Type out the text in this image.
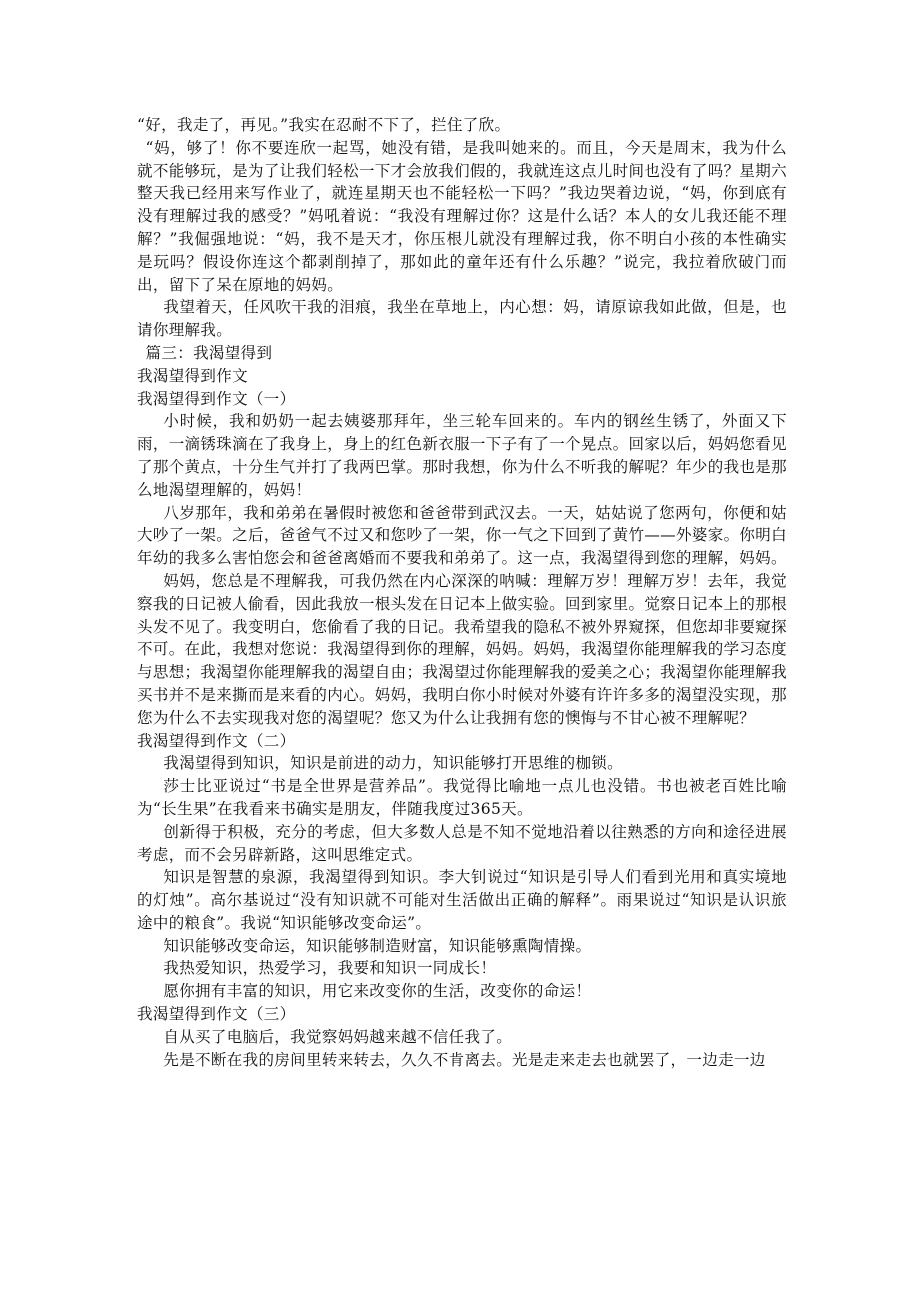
“好，我走了，再见。”我实在忍耐不下了，拦住了欣。

“妈，够了！你不要连欣一起骂，她没有错，是我叫她来的。而且，今天是周末，我为什么就不能够玩，是为了让我们轻松一下才会放我们假的，我就连这点儿时间也没有了吗？星期六整天我已经用来写作业了，就连星期天也不能轻松一下吗？”我边哭着边说，“妈，你到底有没有理解过我的感受？”妈吼着说：“我没有理解过你？这是什么话？本人的女儿我还能不理解？”我倔强地说：“妈，我不是天才，你压根儿就没有理解过我，你不明白小孩的本性确实是玩吗？假设你连这个都剥削掉了，那如此的童年还有什么乐趣？”说完，我拉着欣破门而出，留下了呆在原地的妈妈。

我望着天，任风吹干我的泪痕，我坐在草地上，内心想：妈，请原谅我如此做，但是，也请你理解我。

篇三：我渴望得到

我渴望得到作文

我渴望得到作文（一）

小时候，我和奶奶一起去姨婆那拜年，坐三轮车回来的。车内的钢丝生锈了，外面又下雨，一滴锈珠滴在了我身上，身上的红色新衣服一下子有了一个晃点。回家以后，妈妈您看见了那个黄点，十分生气并打了我两巴掌。那时我想，你为什么不听我的解呢？年少的我也是那么地渴望理解的，妈妈！

八岁那年，我和弟弟在暑假时被您和爸爸带到武汉去。一天，姑姑说了您两句，你便和姑大吵了一架。之后，爸爸气不过又和您吵了一架，你一气之下回到了黄竹——外婆家。你明白年幼的我多么害怕您会和爸爸离婚而不要我和弟弟了。这一点，我渴望得到您的理解，妈妈。

妈妈，您总是不理解我，可我仍然在内心深深的呐喊：理解万岁！理解万岁！去年，我觉察我的日记被人偷看，因此我放一根头发在日记本上做实验。回到家里。觉察日记本上的那根头发不见了。我变明白，您偷看了我的日记。我希望我的隐私不被外界窥探，但您却非要窥探不可。在此，我想对您说：我渴望得到你的理解，妈妈。妈妈，我渴望你能理解我的学习态度与思想；我渴望你能理解我的渴望自由；我渴望过你能理解我的爱美之心；我渴望你能理解我买书并不是来撕而是来看的内心。妈妈，我明白你小时候对外婆有许许多多的渴望没实现，那您为什么不去实现我对您的渴望呢？您又为什么让我拥有您的懊悔与不甘心被不理解呢？

我渴望得到作文（二）

我渴望得到知识，知识是前进的动力，知识能够打开思维的枷锁。

莎士比亚说过“书是全世界是营养品”。我觉得比喻地一点儿也没错。书也被老百姓比喻为“长生果”在我看来书确实是朋友，伴随我度过365天。

创新得于积极，充分的考虑，但大多数人总是不知不觉地沿着以往熟悉的方向和途径进展考虑，而不会另辟新路，这叫思维定式。

知识是智慧的泉源，我渴望得到知识。李大钊说过“知识是引导人们看到光用和真实境地的灯烛”。高尔基说过“没有知识就不可能对生活做出正确的解释”。雨果说过“知识是认识旅途中的粮食”。我说“知识能够改变命运”。

知识能够改变命运，知识能够制造财富，知识能够熏陶情操。

我热爱知识，热爱学习，我要和知识一同成长！

愿你拥有丰富的知识，用它来改变你的生活，改变你的命运！

我渴望得到作文（三）

自从买了电脑后，我觉察妈妈越来越不信任我了。

先是不断在我的房间里转来转去，久久不肯离去。光是走来走去也就罢了，一边走一边
